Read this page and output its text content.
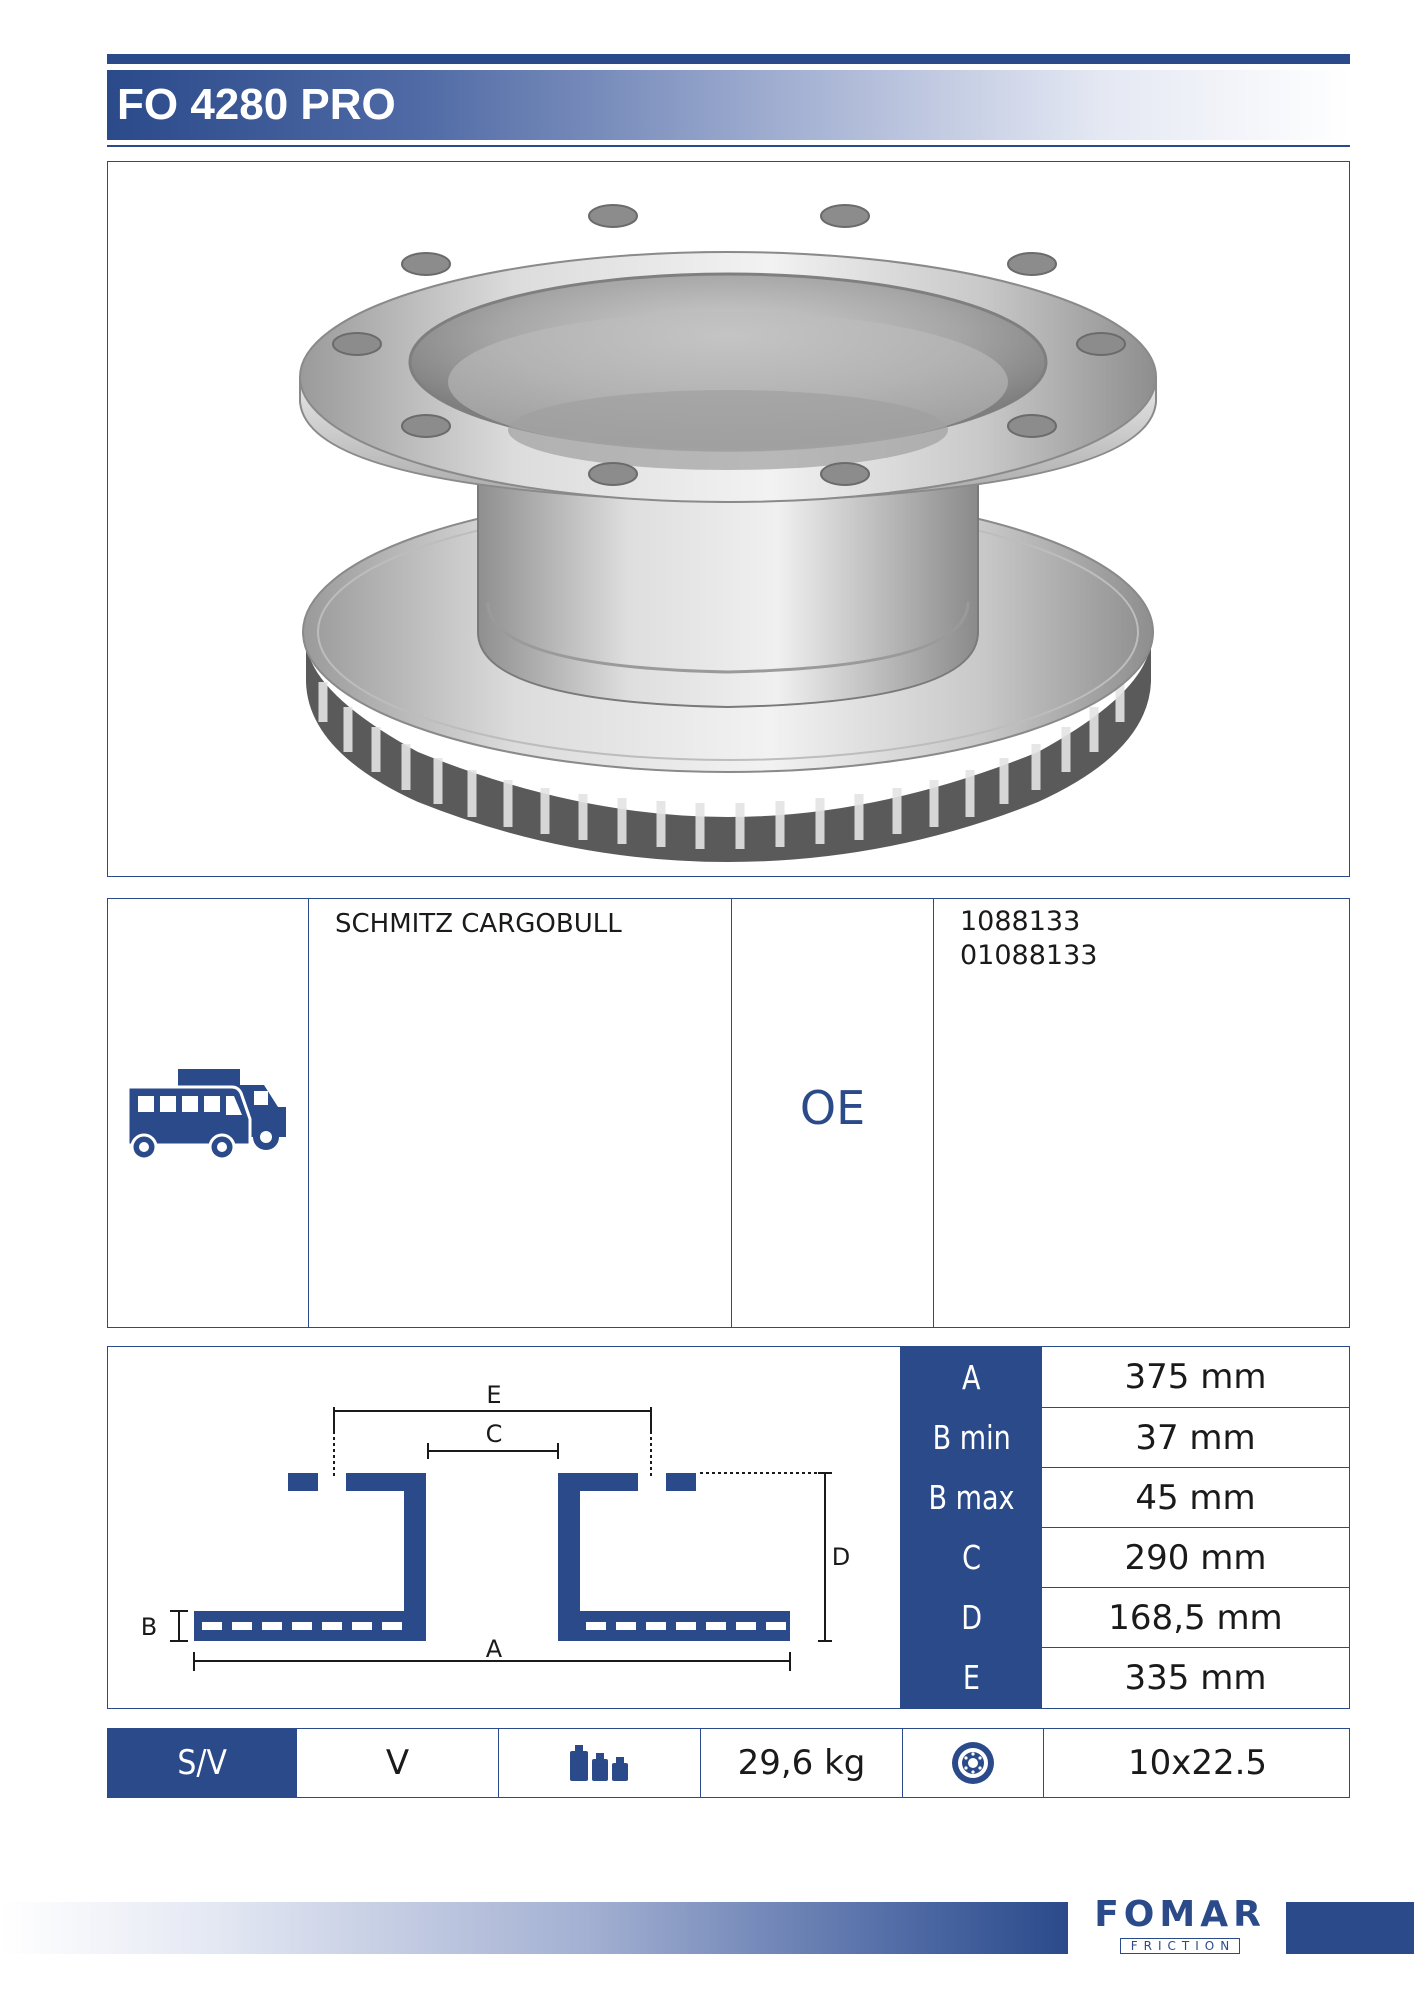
FO 4280 PRO
SCHMITZ CARGOBULL
OE
1088133
01088133
E
C
D
A
B
A	375 mm
B min	37 mm
B max	45 mm
C	290 mm
D	168,5 mm
E	335 mm
S/V	V	29,6 kg	10x22.5
FOMAR
FRICTION
